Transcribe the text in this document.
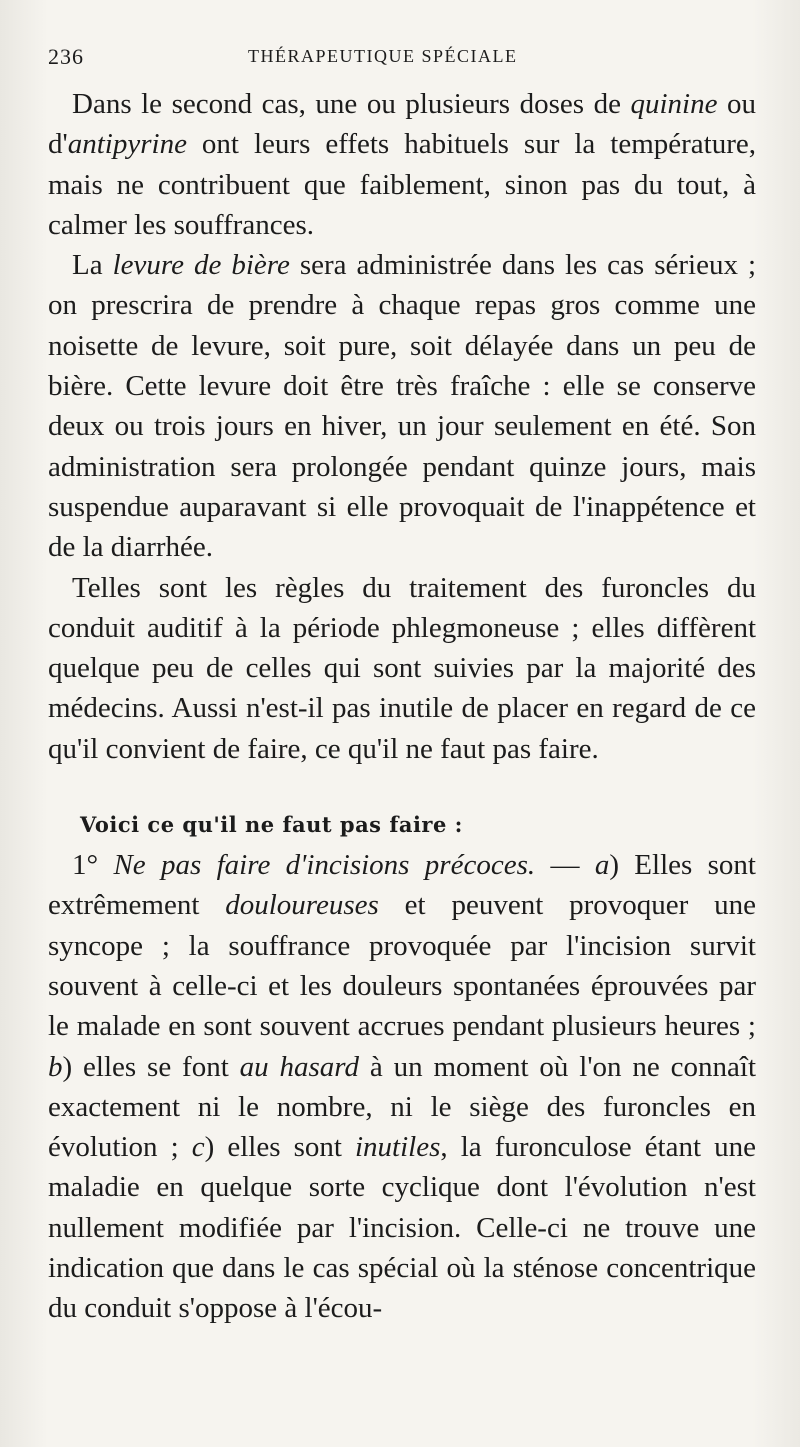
236	THÉRAPEUTIQUE SPÉCIALE

Dans le second cas, une ou plusieurs doses de quinine ou d'antipyrine ont leurs effets habituels sur la température, mais ne contribuent que faiblement, sinon pas du tout, à calmer les souffrances.

La levure de bière sera administrée dans les cas sérieux ; on prescrira de prendre à chaque repas gros comme une noisette de levure, soit pure, soit délayée dans un peu de bière. Cette levure doit être très fraîche : elle se conserve deux ou trois jours en hiver, un jour seulement en été. Son administration sera prolongée pendant quinze jours, mais suspendue auparavant si elle provoquait de l'inappétence et de la diarrhée.

Telles sont les règles du traitement des furoncles du conduit auditif à la période phlegmoneuse ; elles diffèrent quelque peu de celles qui sont suivies par la majorité des médecins. Aussi n'est-il pas inutile de placer en regard de ce qu'il convient de faire, ce qu'il ne faut pas faire.

Voici ce qu'il ne faut pas faire :

1° Ne pas faire d'incisions précoces. — a) Elles sont extrêmement douloureuses et peuvent provoquer une syncope ; la souffrance provoquée par l'incision survit souvent à celle-ci et les douleurs spontanées éprouvées par le malade en sont souvent accrues pendant plusieurs heures ; b) elles se font au hasard à un moment où l'on ne connaît exactement ni le nombre, ni le siège des furoncles en évolution ; c) elles sont inutiles, la furonculose étant une maladie en quelque sorte cyclique dont l'évolution n'est nullement modifiée par l'incision. Celle-ci ne trouve une indication que dans le cas spécial où la sténose concentrique du conduit s'oppose à l'écou-
